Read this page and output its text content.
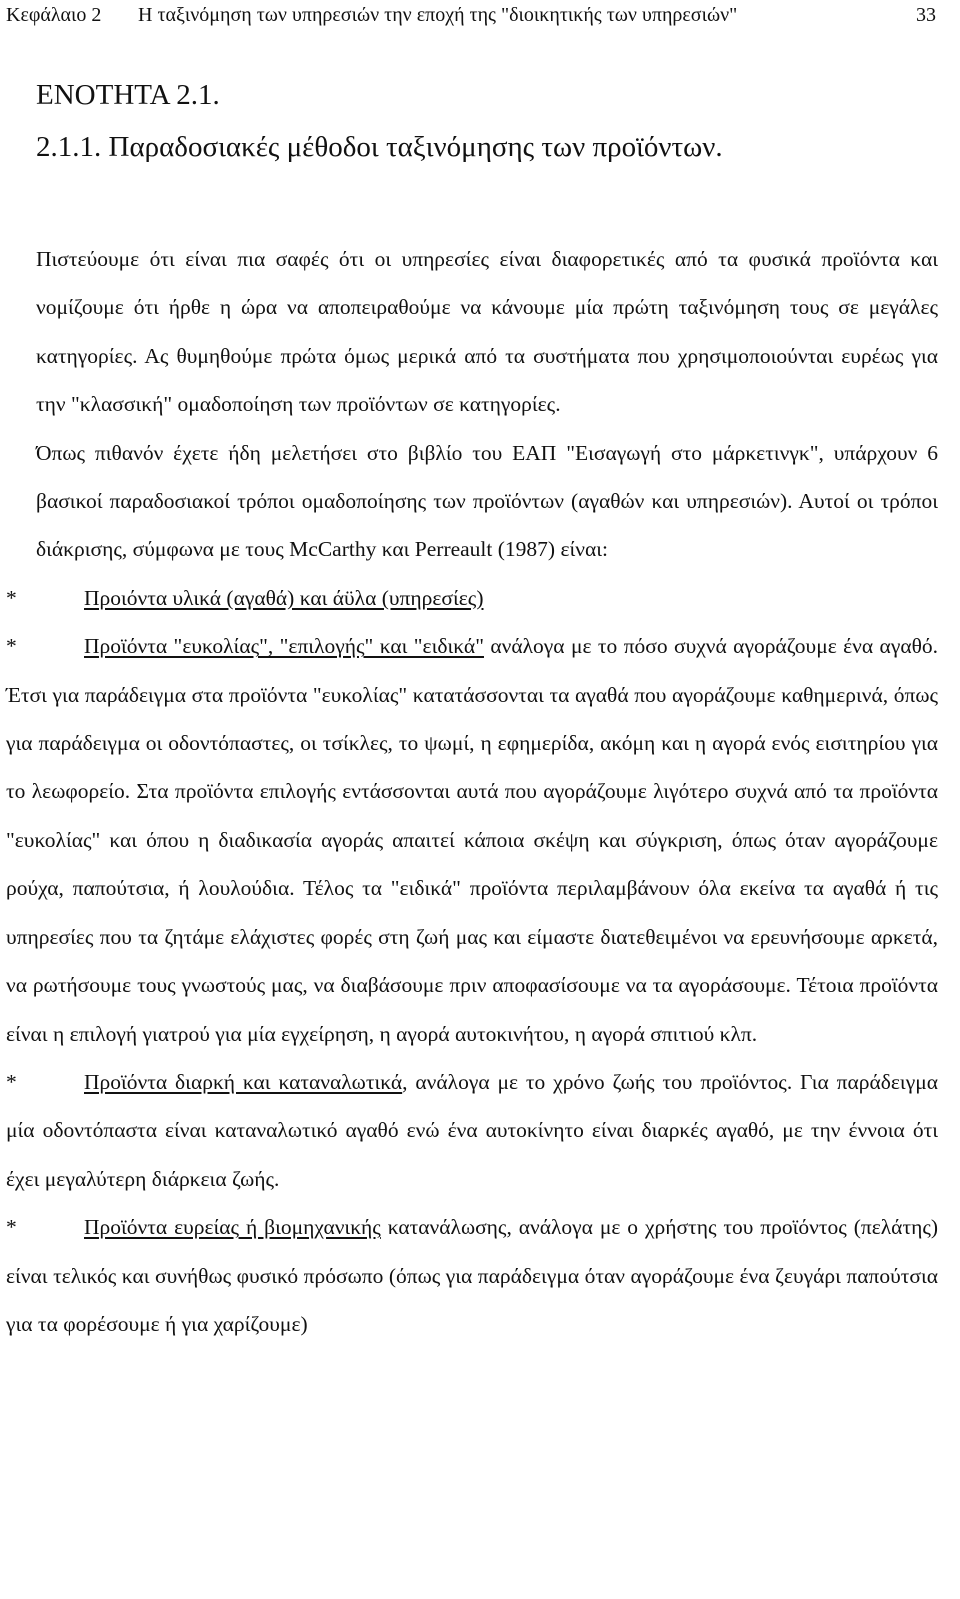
Κεφάλαιο 2 Η ταξινόμηση των υπηρεσιών την εποχή της "διοικητικής των υπηρεσιών"	33
ΕΝΟΤΗΤΑ 2.1.
2.1.1. Παραδοσιακές μέθοδοι ταξινόμησης των προϊόντων.

Πιστεύουμε ότι είναι πια σαφές ότι οι υπηρεσίες είναι διαφορετικές από τα φυσικά προϊόντα και νομίζουμε ότι ήρθε η ώρα να αποπειραθούμε να κάνουμε μία πρώτη ταξινόμηση τους σε μεγάλες κατηγορίες. Ας θυμηθούμε πρώτα όμως μερικά από τα συστήματα που χρησιμοποιούνται ευρέως για την "κλασσική" ομαδοποίηση των προϊόντων σε κατηγορίες.

Όπως πιθανόν έχετε ήδη μελετήσει στο βιβλίο του ΕΑΠ "Εισαγωγή στο μάρκετινγκ", υπάρχουν 6 βασικοί παραδοσιακοί τρόποι ομαδοποίησης των προϊόντων (αγαθών και υπηρεσιών). Αυτοί οι τρόποι διάκρισης, σύμφωνα με τους McCarthy και Perreault (1987) είναι:

*	Προιόντα υλικά (αγαθά) και άϋλα (υπηρεσίες)

*	Προϊόντα "ευκολίας", "επιλογής" και "ειδικά" ανάλογα με το πόσο συχνά αγοράζουμε ένα αγαθό. Έτσι για παράδειγμα στα προϊόντα "ευκολίας" κατατάσσονται τα αγαθά που αγοράζουμε καθημερινά, όπως για παράδειγμα οι οδοντόπαστες, οι τσίκλες, το ψωμί, η εφημερίδα, ακόμη και η αγορά ενός εισιτηρίου για το λεωφορείο. Στα προϊόντα επιλογής εντάσσονται αυτά που αγοράζουμε λιγότερο συχνά από τα προϊόντα "ευκολίας" και όπου η διαδικασία αγοράς απαιτεί κάποια σκέψη και σύγκριση, όπως όταν αγοράζουμε ρούχα, παπούτσια, ή λουλούδια. Τέλος τα "ειδικά" προϊόντα περιλαμβάνουν όλα εκείνα τα αγαθά ή τις υπηρεσίες που τα ζητάμε ελάχιστες φορές στη ζωή μας και είμαστε διατεθειμένοι να ερευνήσουμε αρκετά, να ρωτήσουμε τους γνωστούς μας, να διαβάσουμε πριν αποφασίσουμε να τα αγοράσουμε. Τέτοια προϊόντα είναι η επιλογή γιατρού για μία εγχείρηση, η αγορά αυτοκινήτου, η αγορά σπιτιού κλπ.

*	Προϊόντα διαρκή και καταναλωτικά, ανάλογα με το χρόνο ζωής του προϊόντος. Για παράδειγμα μία οδοντόπαστα είναι καταναλωτικό αγαθό ενώ ένα αυτοκίνητο είναι διαρκές αγαθό, με την έννοια ότι έχει μεγαλύτερη διάρκεια ζωής.

*	Προϊόντα ευρείας ή βιομηχανικής κατανάλωσης, ανάλογα με ο χρήστης του προϊόντος (πελάτης) είναι τελικός και συνήθως φυσικό πρόσωπο (όπως για παράδειγμα όταν αγοράζουμε ένα ζευγάρι παπούτσια για τα φορέσουμε ή για χαρίζουμε)
